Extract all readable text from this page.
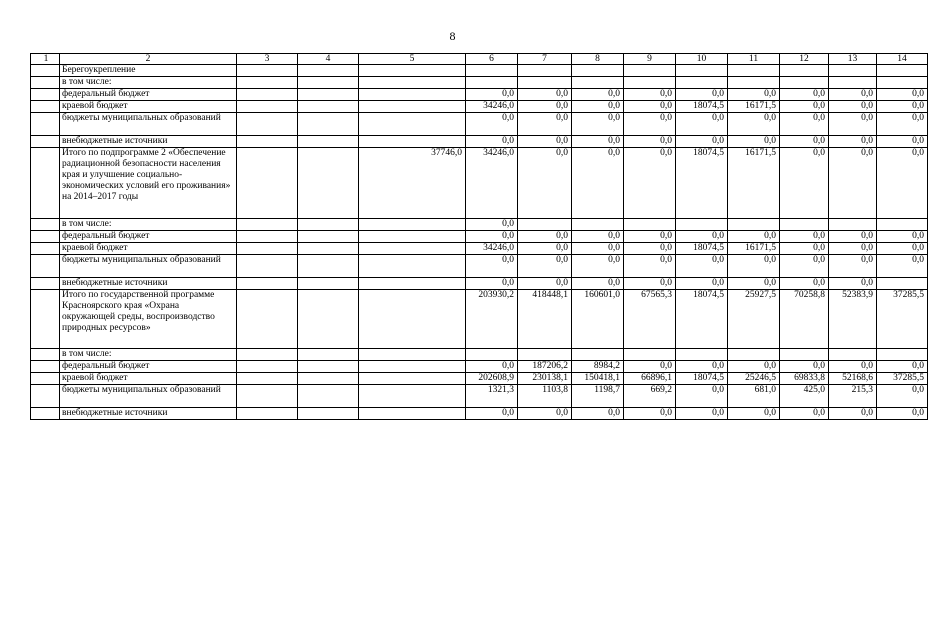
8
1	2	3	4	5	6	7	8	9	10	11	12	13	14
	Берегоукрепление												
	в том числе:												
	федеральный бюджет				0,0	0,0	0,0	0,0	0,0	0,0	0,0	0,0	0,0
	краевой бюджет				34246,0	0,0	0,0	0,0	18074,5	16171,5	0,0	0,0	0,0
	бюджеты муниципальных образований				0,0	0,0	0,0	0,0	0,0	0,0	0,0	0,0	0,0
	внебюджетные источники				0,0	0,0	0,0	0,0	0,0	0,0	0,0	0,0	0,0
	Итого по подпрограмме 2 «Обеспечение радиационной безопасности населения края и улучшение социально-экономических условий его проживания» на 2014–2017 годы			37746,0	34246,0	0,0	0,0	0,0	18074,5	16171,5	0,0	0,0	0,0
	в том числе:				0,0								
	федеральный бюджет				0,0	0,0	0,0	0,0	0,0	0,0	0,0	0,0	0,0
	краевой бюджет				34246,0	0,0	0,0	0,0	18074,5	16171,5	0,0	0,0	0,0
	бюджеты муниципальных образований				0,0	0,0	0,0	0,0	0,0	0,0	0,0	0,0	0,0
	внебюджетные источники				0,0	0,0	0,0	0,0	0,0	0,0	0,0	0,0	
	Итого по государственной программе Красноярского края «Охрана окружающей среды, воспроизводство природных ресурсов»				203930,2	418448,1	160601,0	67565,3	18074,5	25927,5	70258,8	52383,9	37285,5
	в том числе:												
	федеральный бюджет				0,0	187206,2	8984,2	0,0	0,0	0,0	0,0	0,0	0,0
	краевой бюджет				202608,9	230138,1	150418,1	66896,1	18074,5	25246,5	69833,8	52168,6	37285,5
	бюджеты муниципальных образований				1321,3	1103,8	1198,7	669,2	0,0	681,0	425,0	215,3	0,0
	внебюджетные источники				0,0	0,0	0,0	0,0	0,0	0,0	0,0	0,0	0,0
